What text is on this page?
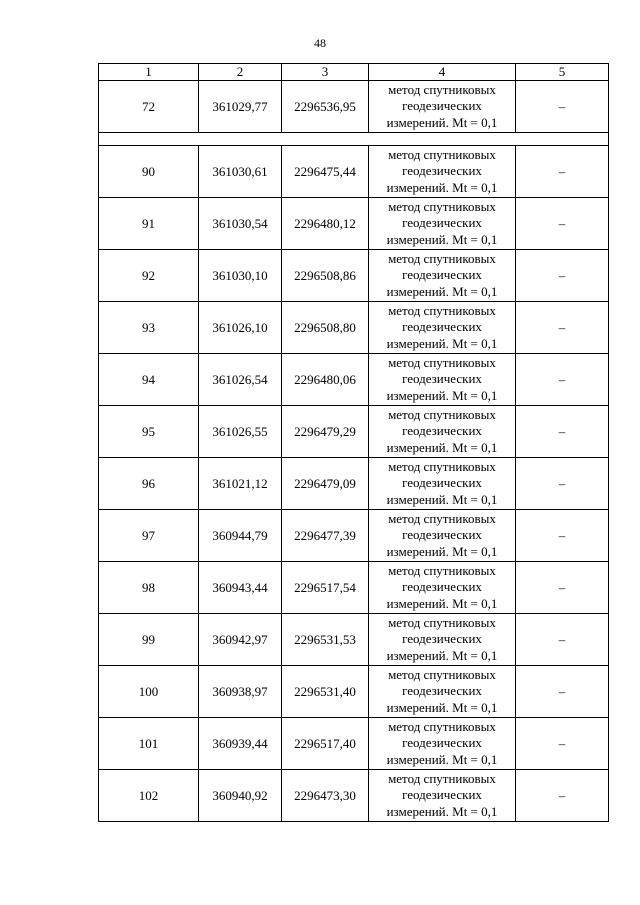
48
1	2	3	4	5
72	361029,77	2296536,95	метод спутниковых
геодезических
измерений. Mt = 0,1	–

90	361030,61	2296475,44	метод спутниковых
геодезических
измерений. Mt = 0,1	–
91	361030,54	2296480,12	метод спутниковых
геодезических
измерений. Mt = 0,1	–
92	361030,10	2296508,86	метод спутниковых
геодезических
измерений. Mt = 0,1	–
93	361026,10	2296508,80	метод спутниковых
геодезических
измерений. Mt = 0,1	–
94	361026,54	2296480,06	метод спутниковых
геодезических
измерений. Mt = 0,1	–
95	361026,55	2296479,29	метод спутниковых
геодезических
измерений. Mt = 0,1	–
96	361021,12	2296479,09	метод спутниковых
геодезических
измерений. Mt = 0,1	–
97	360944,79	2296477,39	метод спутниковых
геодезических
измерений. Mt = 0,1	–
98	360943,44	2296517,54	метод спутниковых
геодезических
измерений. Mt = 0,1	–
99	360942,97	2296531,53	метод спутниковых
геодезических
измерений. Mt = 0,1	–
100	360938,97	2296531,40	метод спутниковых
геодезических
измерений. Mt = 0,1	–
101	360939,44	2296517,40	метод спутниковых
геодезических
измерений. Mt = 0,1	–
102	360940,92	2296473,30	метод спутниковых
геодезических
измерений. Mt = 0,1	–
